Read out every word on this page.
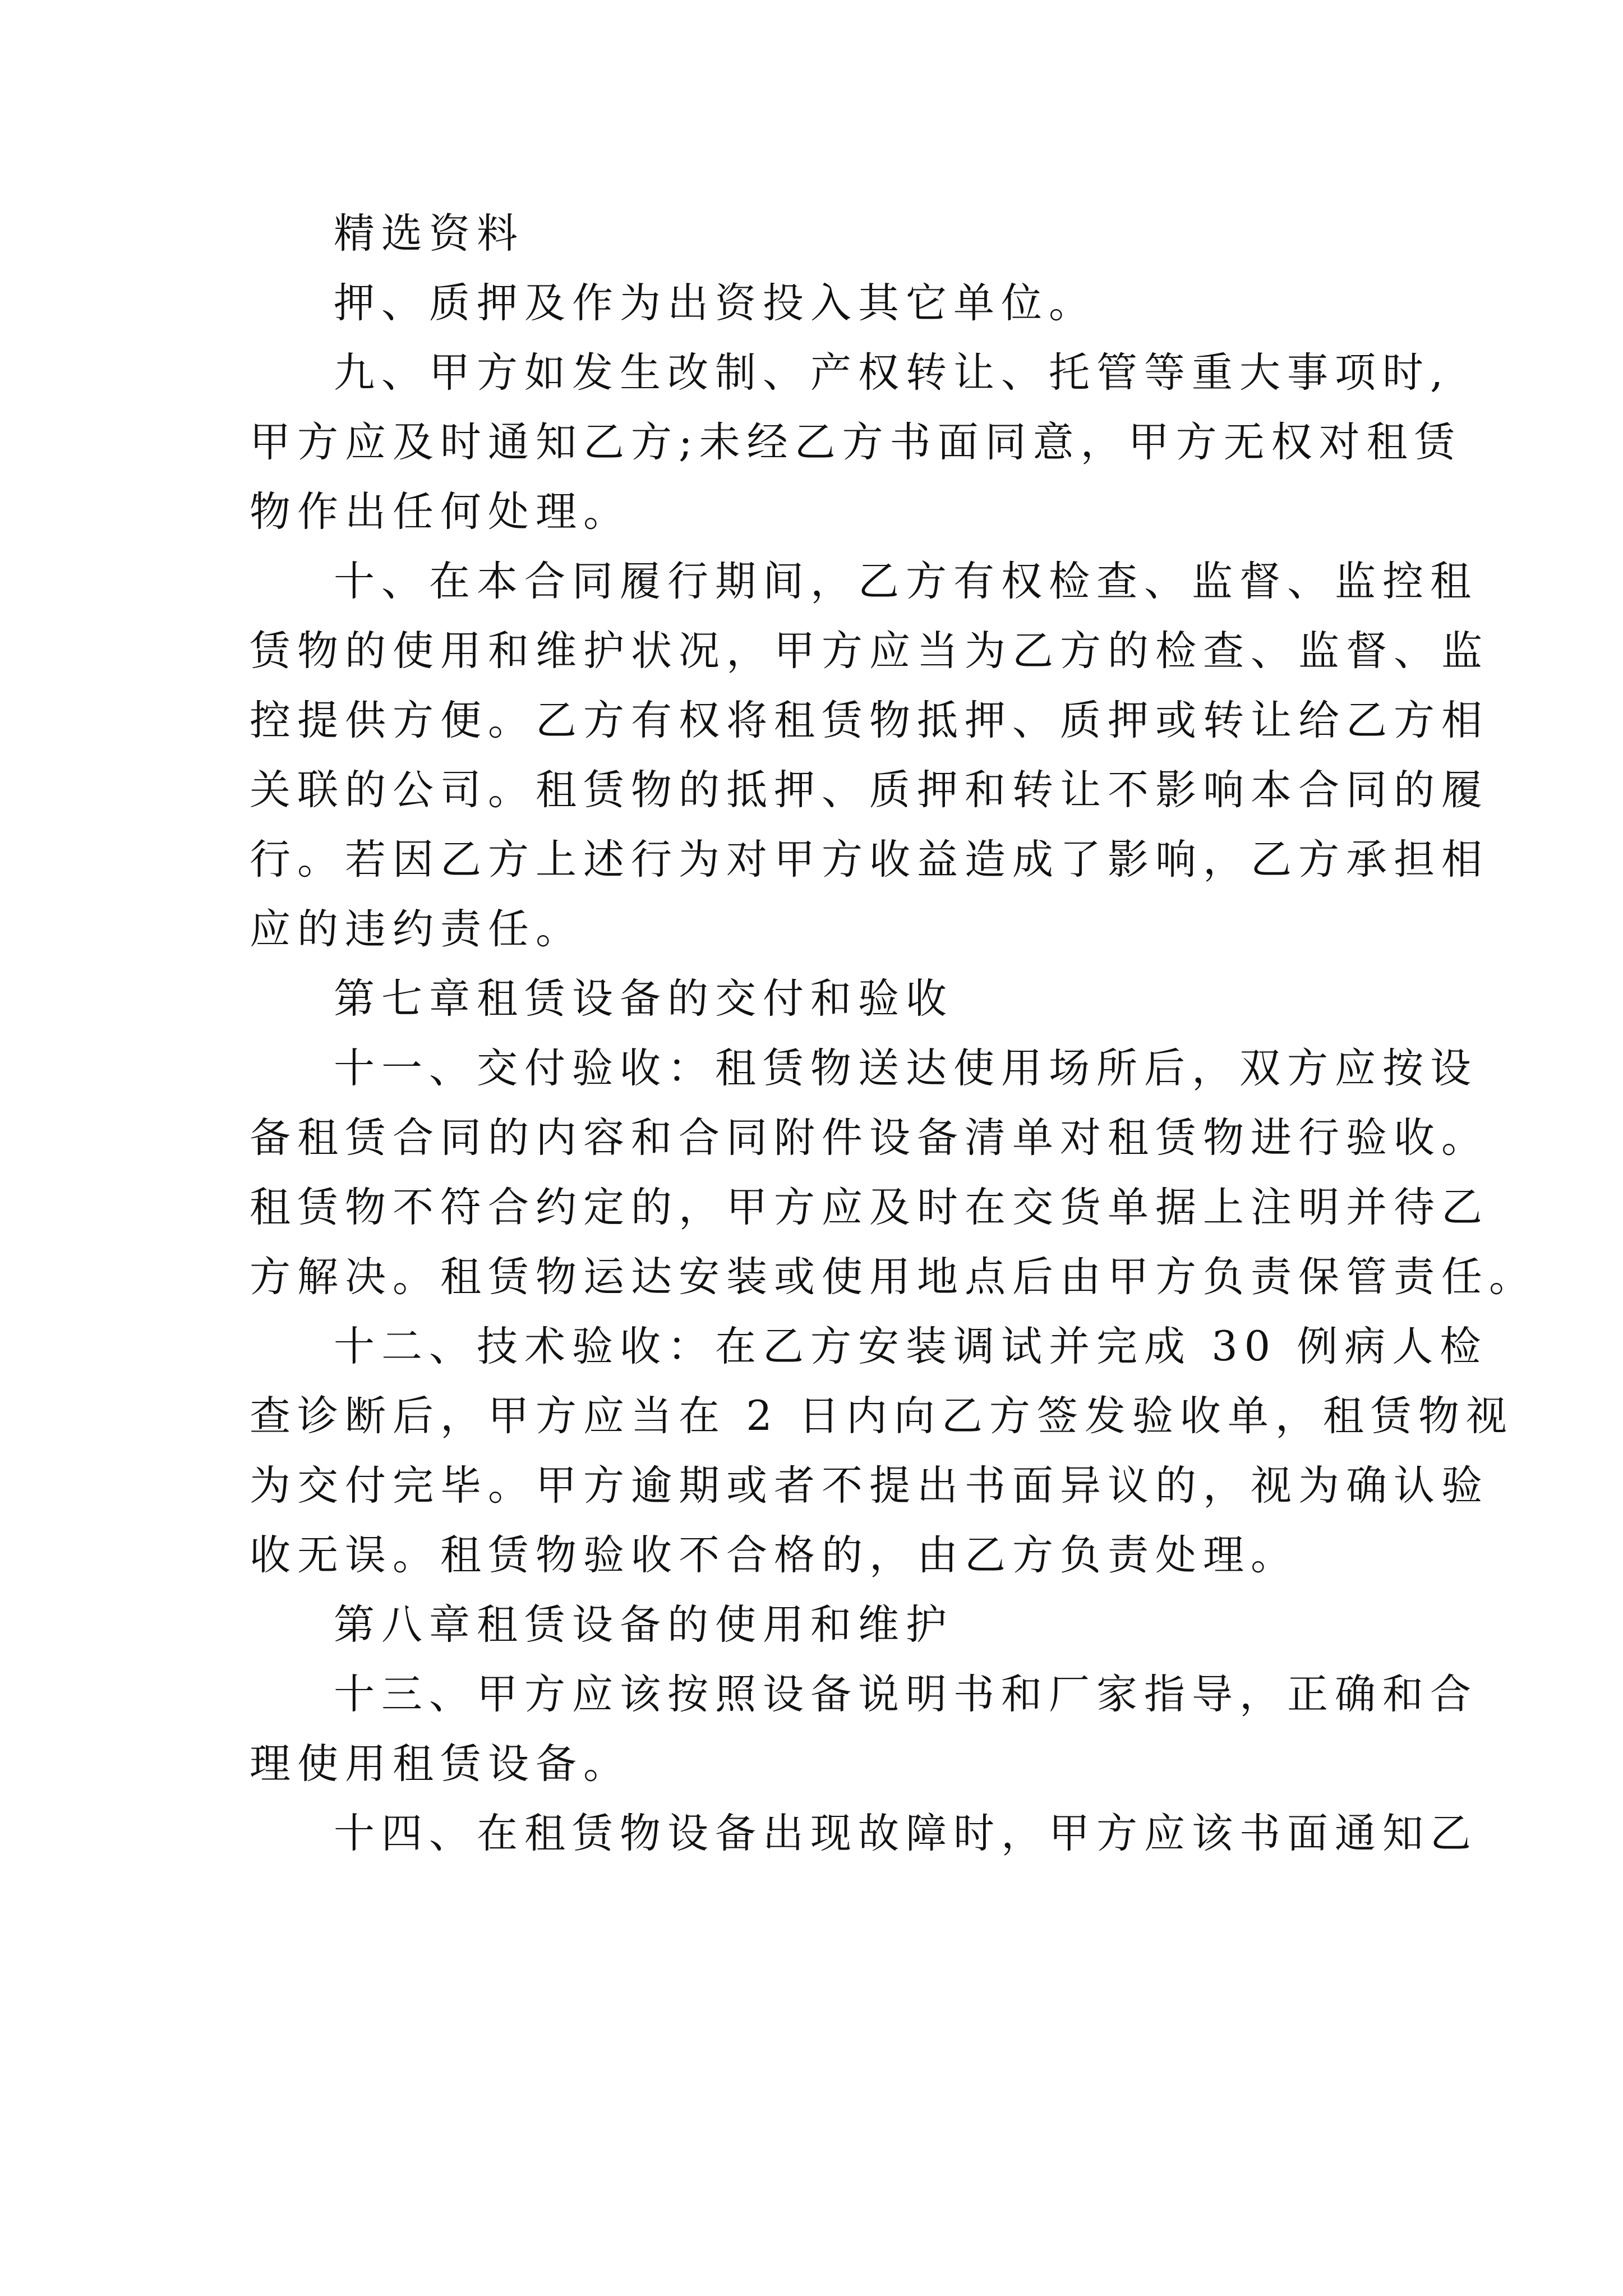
精选资料
押、质押及作为出资投入其它单位。
九、甲方如发生改制、产权转让、托管等重大事项时,
甲方应及时通知乙方;未经乙方书面同意，甲方无权对租赁
物作出任何处理。
十、在本合同履行期间，乙方有权检查、监督、监控租
赁物的使用和维护状况，甲方应当为乙方的检查、监督、监
控提供方便。乙方有权将租赁物抵押、质押或转让给乙方相
关联的公司。租赁物的抵押、质押和转让不影响本合同的履
行。若因乙方上述行为对甲方收益造成了影响，乙方承担相
应的违约责任。
第七章租赁设备的交付和验收
十一、交付验收：租赁物送达使用场所后，双方应按设
备租赁合同的内容和合同附件设备清单对租赁物进行验收。
租赁物不符合约定的，甲方应及时在交货单据上注明并待乙
方解决。租赁物运达安装或使用地点后由甲方负责保管责任。
十二、技术验收：在乙方安装调试并完成 30 例病人检
查诊断后，甲方应当在 2 日内向乙方签发验收单，租赁物视
为交付完毕。甲方逾期或者不提出书面异议的，视为确认验
收无误。租赁物验收不合格的，由乙方负责处理。
第八章租赁设备的使用和维护
十三、甲方应该按照设备说明书和厂家指导，正确和合
理使用租赁设备。
十四、在租赁物设备出现故障时，甲方应该书面通知乙
